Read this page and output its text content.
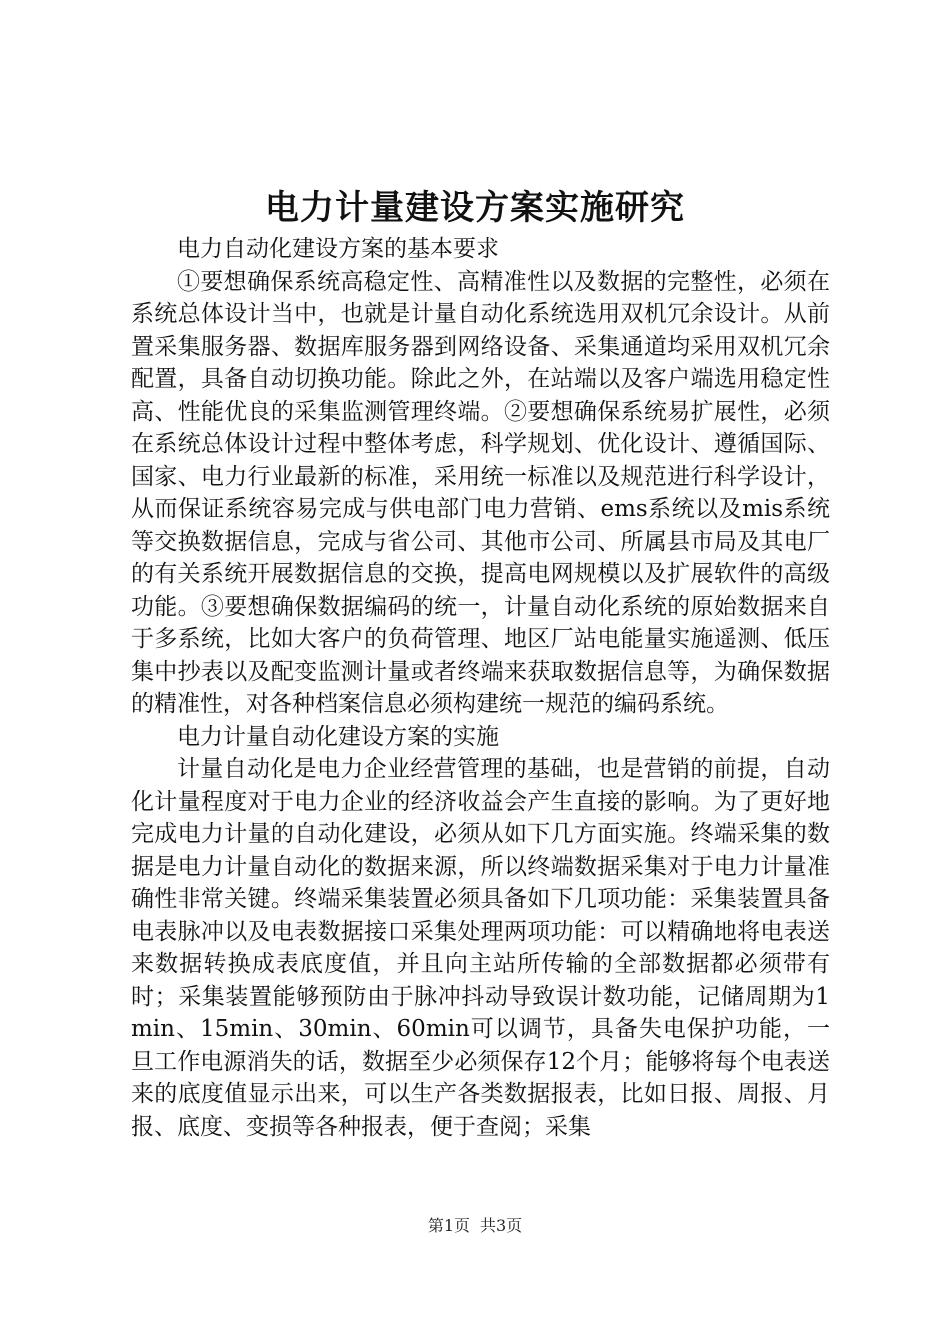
电力计量建设方案实施研究

电力自动化建设方案的基本要求

①要想确保系统高稳定性、高精准性以及数据的完整性，必须在系统总体设计当中，也就是计量自动化系统选用双机冗余设计。从前置采集服务器、数据库服务器到网络设备、采集通道均采用双机冗余配置，具备自动切换功能。除此之外，在站端以及客户端选用稳定性高、性能优良的采集监测管理终端。②要想确保系统易扩展性，必须在系统总体设计过程中整体考虑，科学规划、优化设计、遵循国际、国家、电力行业最新的标准，采用统一标准以及规范进行科学设计，从而保证系统容易完成与供电部门电力营销、ems系统以及mis系统等交换数据信息，完成与省公司、其他市公司、所属县市局及其电厂的有关系统开展数据信息的交换，提高电网规模以及扩展软件的高级功能。③要想确保数据编码的统一，计量自动化系统的原始数据来自于多系统，比如大客户的负荷管理、地区厂站电能量实施遥测、低压集中抄表以及配变监测计量或者终端来获取数据信息等，为确保数据的精准性，对各种档案信息必须构建统一规范的编码系统。

电力计量自动化建设方案的实施

计量自动化是电力企业经营管理的基础，也是营销的前提，自动化计量程度对于电力企业的经济收益会产生直接的影响。为了更好地完成电力计量的自动化建设，必须从如下几方面实施。终端采集的数据是电力计量自动化的数据来源，所以终端数据采集对于电力计量准确性非常关键。终端采集装置必须具备如下几项功能：采集装置具备电表脉冲以及电表数据接口采集处理两项功能：可以精确地将电表送来数据转换成表底度值，并且向主站所传输的全部数据都必须带有时；采集装置能够预防由于脉冲抖动导致误计数功能，记储周期为1min、15min、30min、60min可以调节，具备失电保护功能，一旦工作电源消失的话，数据至少必须保存12个月；能够将每个电表送来的底度值显示出来，可以生产各类数据报表，比如日报、周报、月报、底度、变损等各种报表，便于查阅；采集

第1页 共3页
